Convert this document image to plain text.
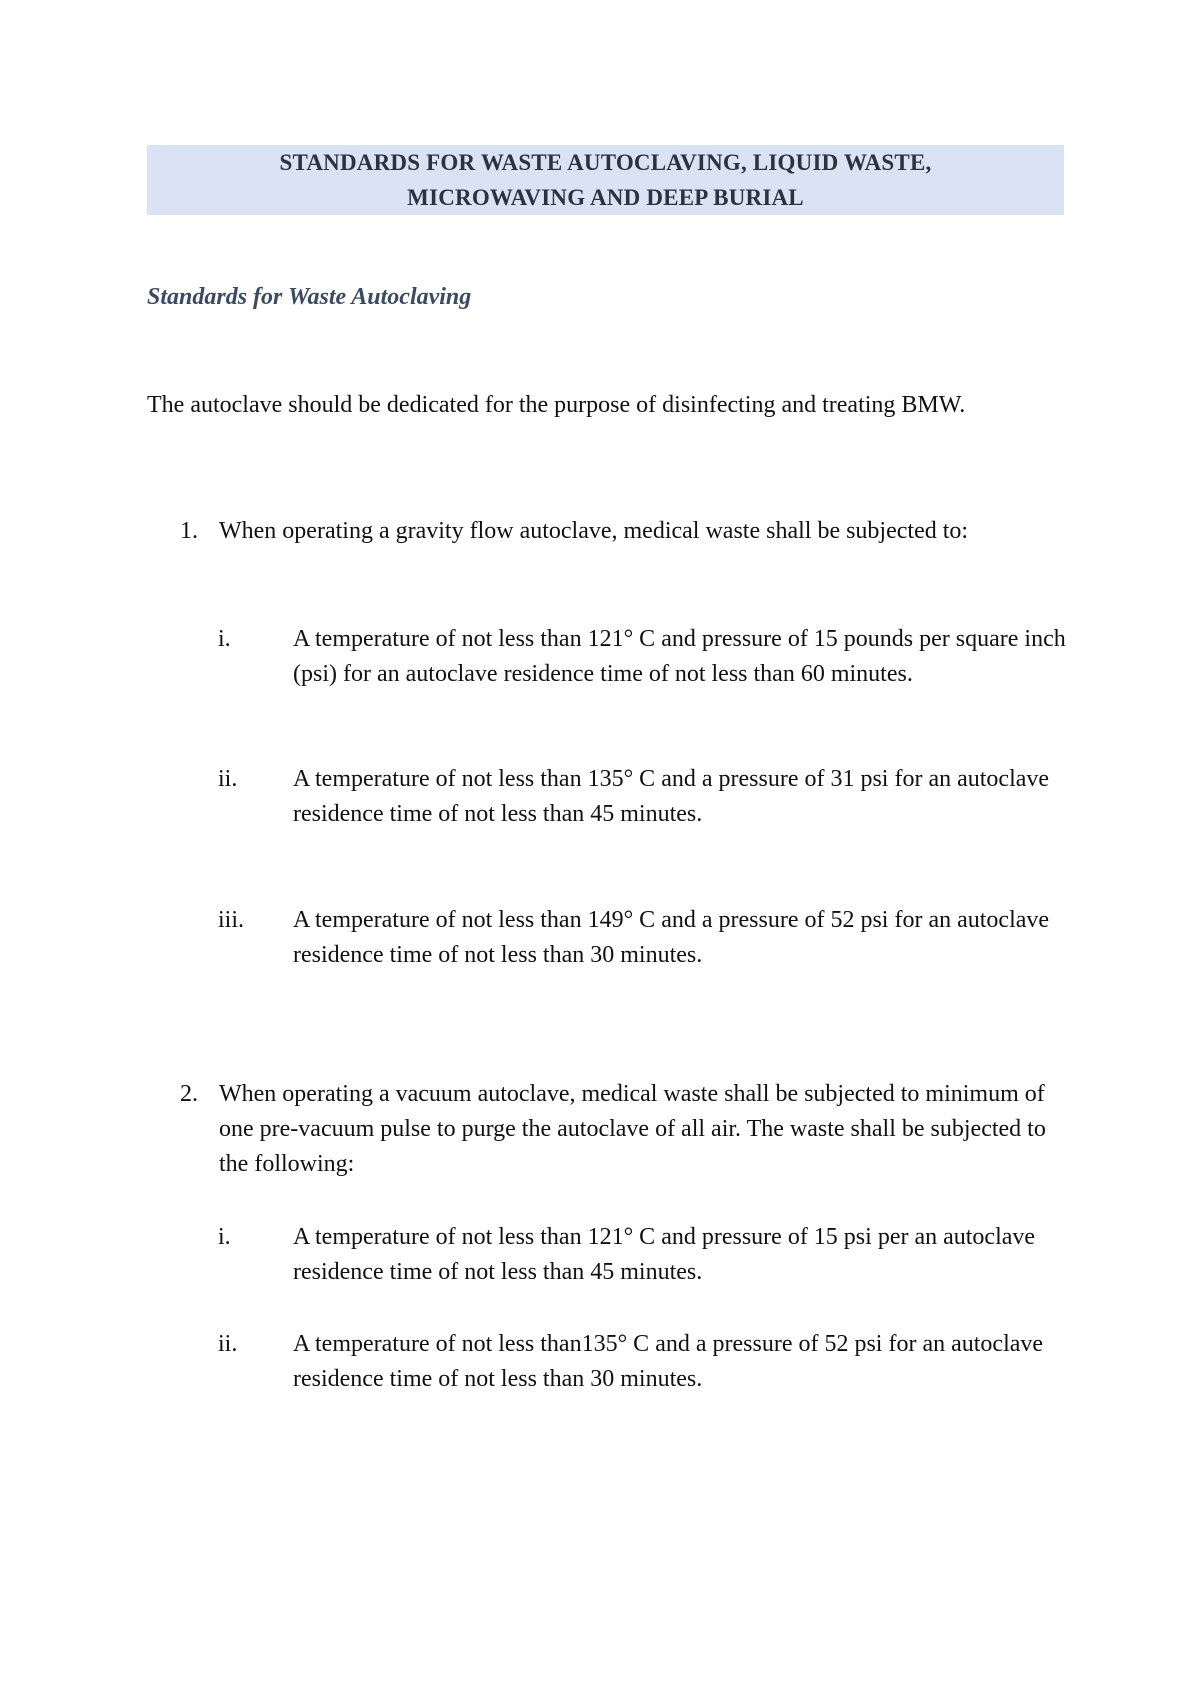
STANDARDS FOR WASTE AUTOCLAVING, LIQUID WASTE,
MICROWAVING AND DEEP BURIAL
Standards for Waste Autoclaving
The autoclave should be dedicated for the purpose of disinfecting and treating BMW.
1. When operating a gravity flow autoclave, medical waste shall be subjected to:
i.	A temperature of not less than 121° C and pressure of 15 pounds per square inch (psi) for an autoclave residence time of not less than 60 minutes.
ii. A temperature of not less than 135° C and a pressure of 31 psi for an autoclave residence time of not less than 45 minutes.
iii. A temperature of not less than 149° C and a pressure of 52 psi for an autoclave residence time of not less than 30 minutes.
2. When operating a vacuum autoclave, medical waste shall be subjected to minimum of one pre-vacuum pulse to purge the autoclave of all air. The waste shall be subjected to the following:
i.	A temperature of not less than 121° C and pressure of 15 psi per an autoclave residence time of not less than 45 minutes.
ii. A temperature of not less than135° C and a pressure of 52 psi for an autoclave residence time of not less than 30 minutes.
